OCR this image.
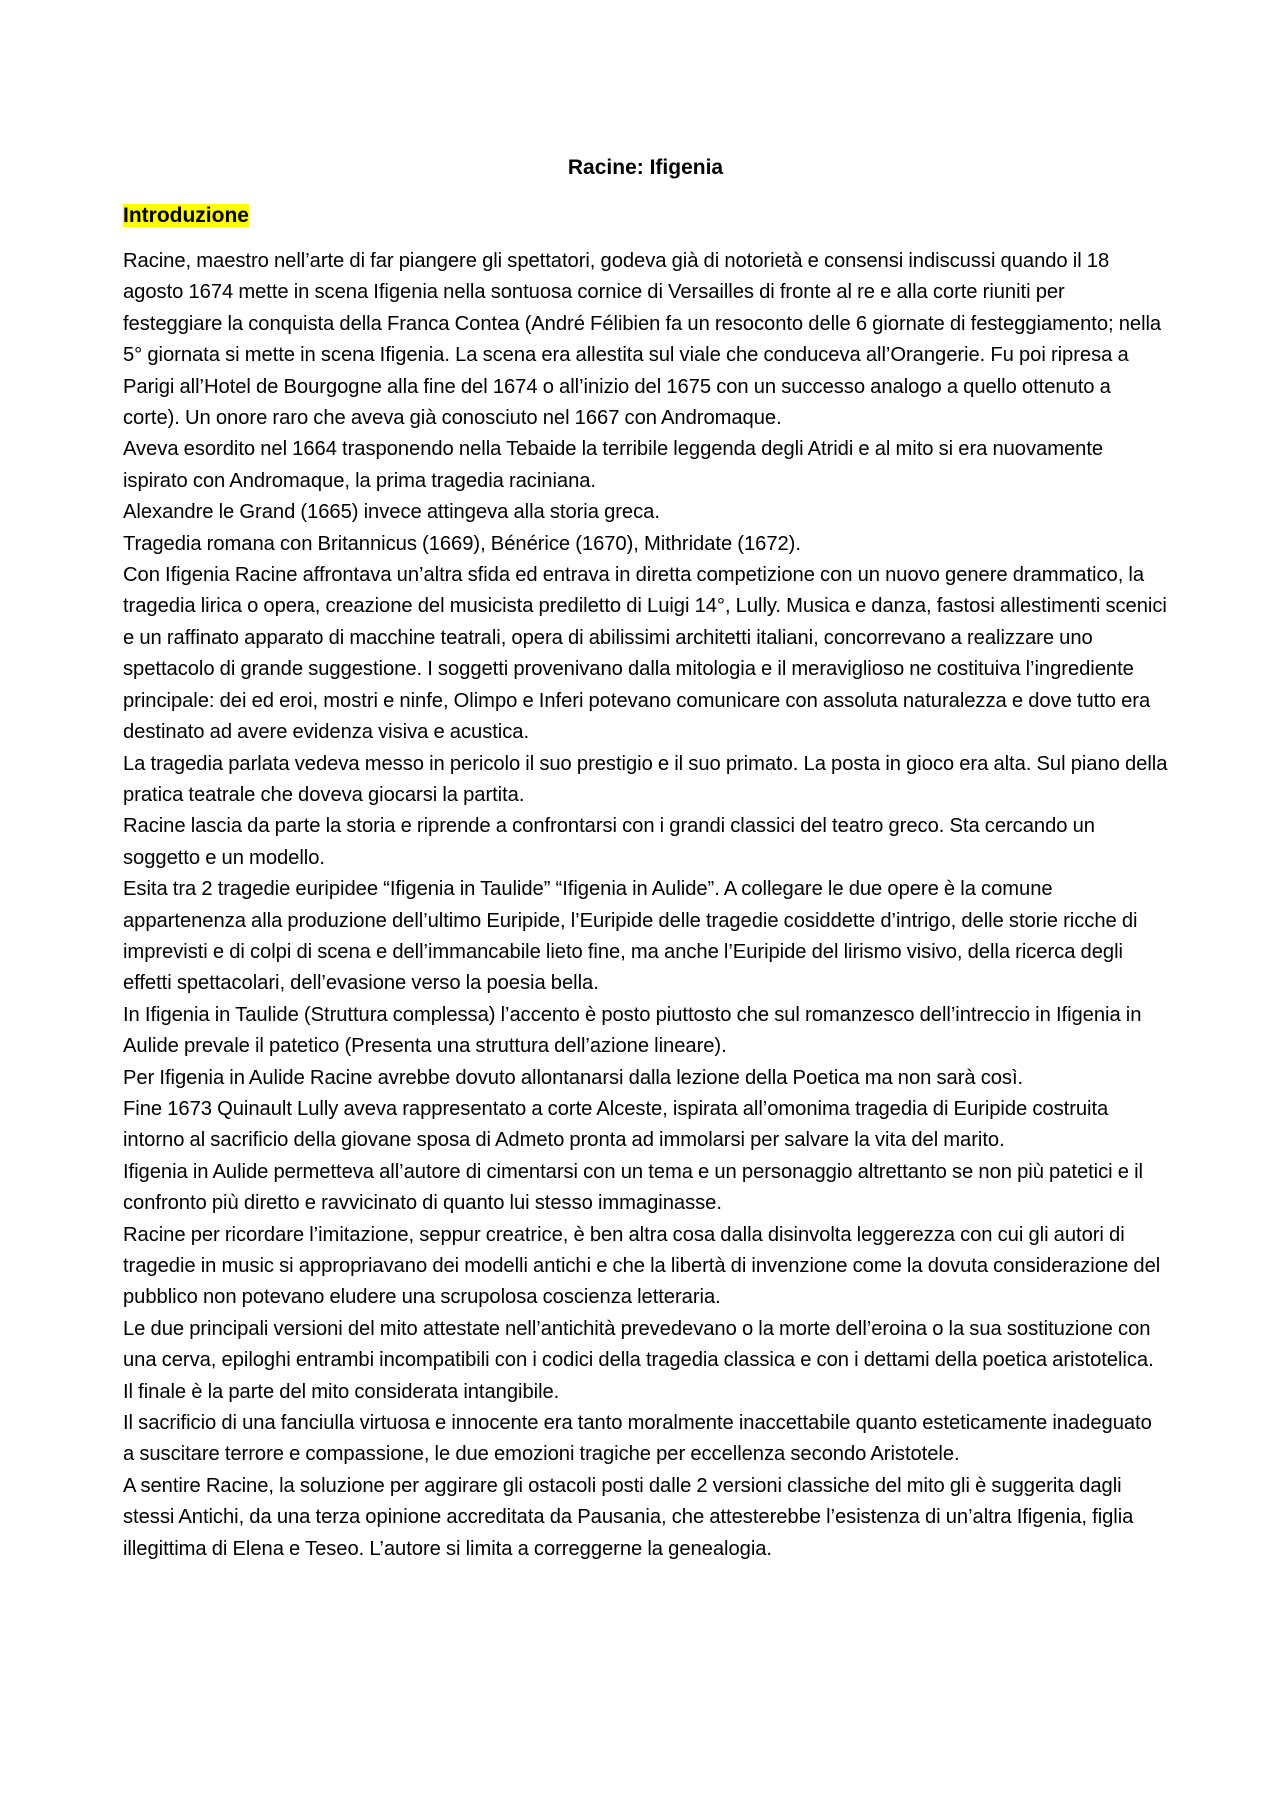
Racine: Ifigenia
Introduzione

Racine, maestro nell’arte di far piangere gli spettatori, godeva già di notorietà e consensi indiscussi quando il 18 agosto 1674 mette in scena Ifigenia nella sontuosa cornice di Versailles di fronte al re e alla corte riuniti per festeggiare la conquista della Franca Contea (André Félibien fa un resoconto delle 6 giornate di festeggiamento; nella 5° giornata si mette in scena Ifigenia. La scena era allestita sul viale che conduceva all’Orangerie. Fu poi ripresa a Parigi all’Hotel de Bourgogne alla fine del 1674 o all’inizio del 1675 con un successo analogo a quello ottenuto a corte). Un onore raro che aveva già conosciuto nel 1667 con Andromaque.

Aveva esordito nel 1664 trasponendo nella Tebaide la terribile leggenda degli Atridi e al mito si era nuovamente ispirato con Andromaque, la prima tragedia raciniana.

Alexandre le Grand (1665) invece attingeva alla storia greca.

Tragedia romana con Britannicus (1669), Bénérice (1670), Mithridate (1672).

Con Ifigenia Racine affrontava un’altra sfida ed entrava in diretta competizione con un nuovo genere drammatico, la tragedia lirica o opera, creazione del musicista prediletto di Luigi 14°, Lully. Musica e danza, fastosi allestimenti scenici e un raffinato apparato di macchine teatrali, opera di abilissimi architetti italiani, concorrevano a realizzare uno spettacolo di grande suggestione. I soggetti provenivano dalla mitologia e il meraviglioso ne costituiva l’ingrediente principale: dei ed eroi, mostri e ninfe, Olimpo e Inferi potevano comunicare con assoluta naturalezza e dove tutto era destinato ad avere evidenza visiva e acustica.

La tragedia parlata vedeva messo in pericolo il suo prestigio e il suo primato. La posta in gioco era alta. Sul piano della pratica teatrale che doveva giocarsi la partita.

Racine lascia da parte la storia e riprende a confrontarsi con i grandi classici del teatro greco. Sta cercando un soggetto e un modello.

Esita tra 2 tragedie euripidee “Ifigenia in Taulide” “Ifigenia in Aulide”. A collegare le due opere è la comune appartenenza alla produzione dell’ultimo Euripide, l’Euripide delle tragedie cosiddette d’intrigo, delle storie ricche di imprevisti e di colpi di scena e dell’immancabile lieto fine, ma anche l’Euripide del lirismo visivo, della ricerca degli effetti spettacolari, dell’evasione verso la poesia bella.

In Ifigenia in Taulide (Struttura complessa) l’accento è posto piuttosto che sul romanzesco dell’intreccio in Ifigenia in Aulide prevale il patetico (Presenta una struttura dell’azione lineare).

Per Ifigenia in Aulide Racine avrebbe dovuto allontanarsi dalla lezione della Poetica ma non sarà così.

Fine 1673 Quinault Lully aveva rappresentato a corte Alceste, ispirata all’omonima tragedia di Euripide costruita intorno al sacrificio della giovane sposa di Admeto pronta ad immolarsi per salvare la vita del marito.

Ifigenia in Aulide permetteva all’autore di cimentarsi con un tema e un personaggio altrettanto se non più patetici e il confronto più diretto e ravvicinato di quanto lui stesso immaginasse.

Racine per ricordare l’imitazione, seppur creatrice, è ben altra cosa dalla disinvolta leggerezza con cui gli autori di tragedie in music si appropriavano dei modelli antichi e che la libertà di invenzione come la dovuta considerazione del pubblico non potevano eludere una scrupolosa coscienza letteraria.

Le due principali versioni del mito attestate nell’antichità prevedevano o la morte dell’eroina o la sua sostituzione con una cerva, epiloghi entrambi incompatibili con i codici della tragedia classica e con i dettami della poetica aristotelica. Il finale è la parte del mito considerata intangibile.

Il sacrificio di una fanciulla virtuosa e innocente era tanto moralmente inaccettabile quanto esteticamente inadeguato a suscitare terrore e compassione, le due emozioni tragiche per eccellenza secondo Aristotele.

A sentire Racine, la soluzione per aggirare gli ostacoli posti dalle 2 versioni classiche del mito gli è suggerita dagli stessi Antichi, da una terza opinione accreditata da Pausania, che attesterebbe l’esistenza di un’altra Ifigenia, figlia illegittima di Elena e Teseo. L’autore si limita a correggerne la genealogia.
